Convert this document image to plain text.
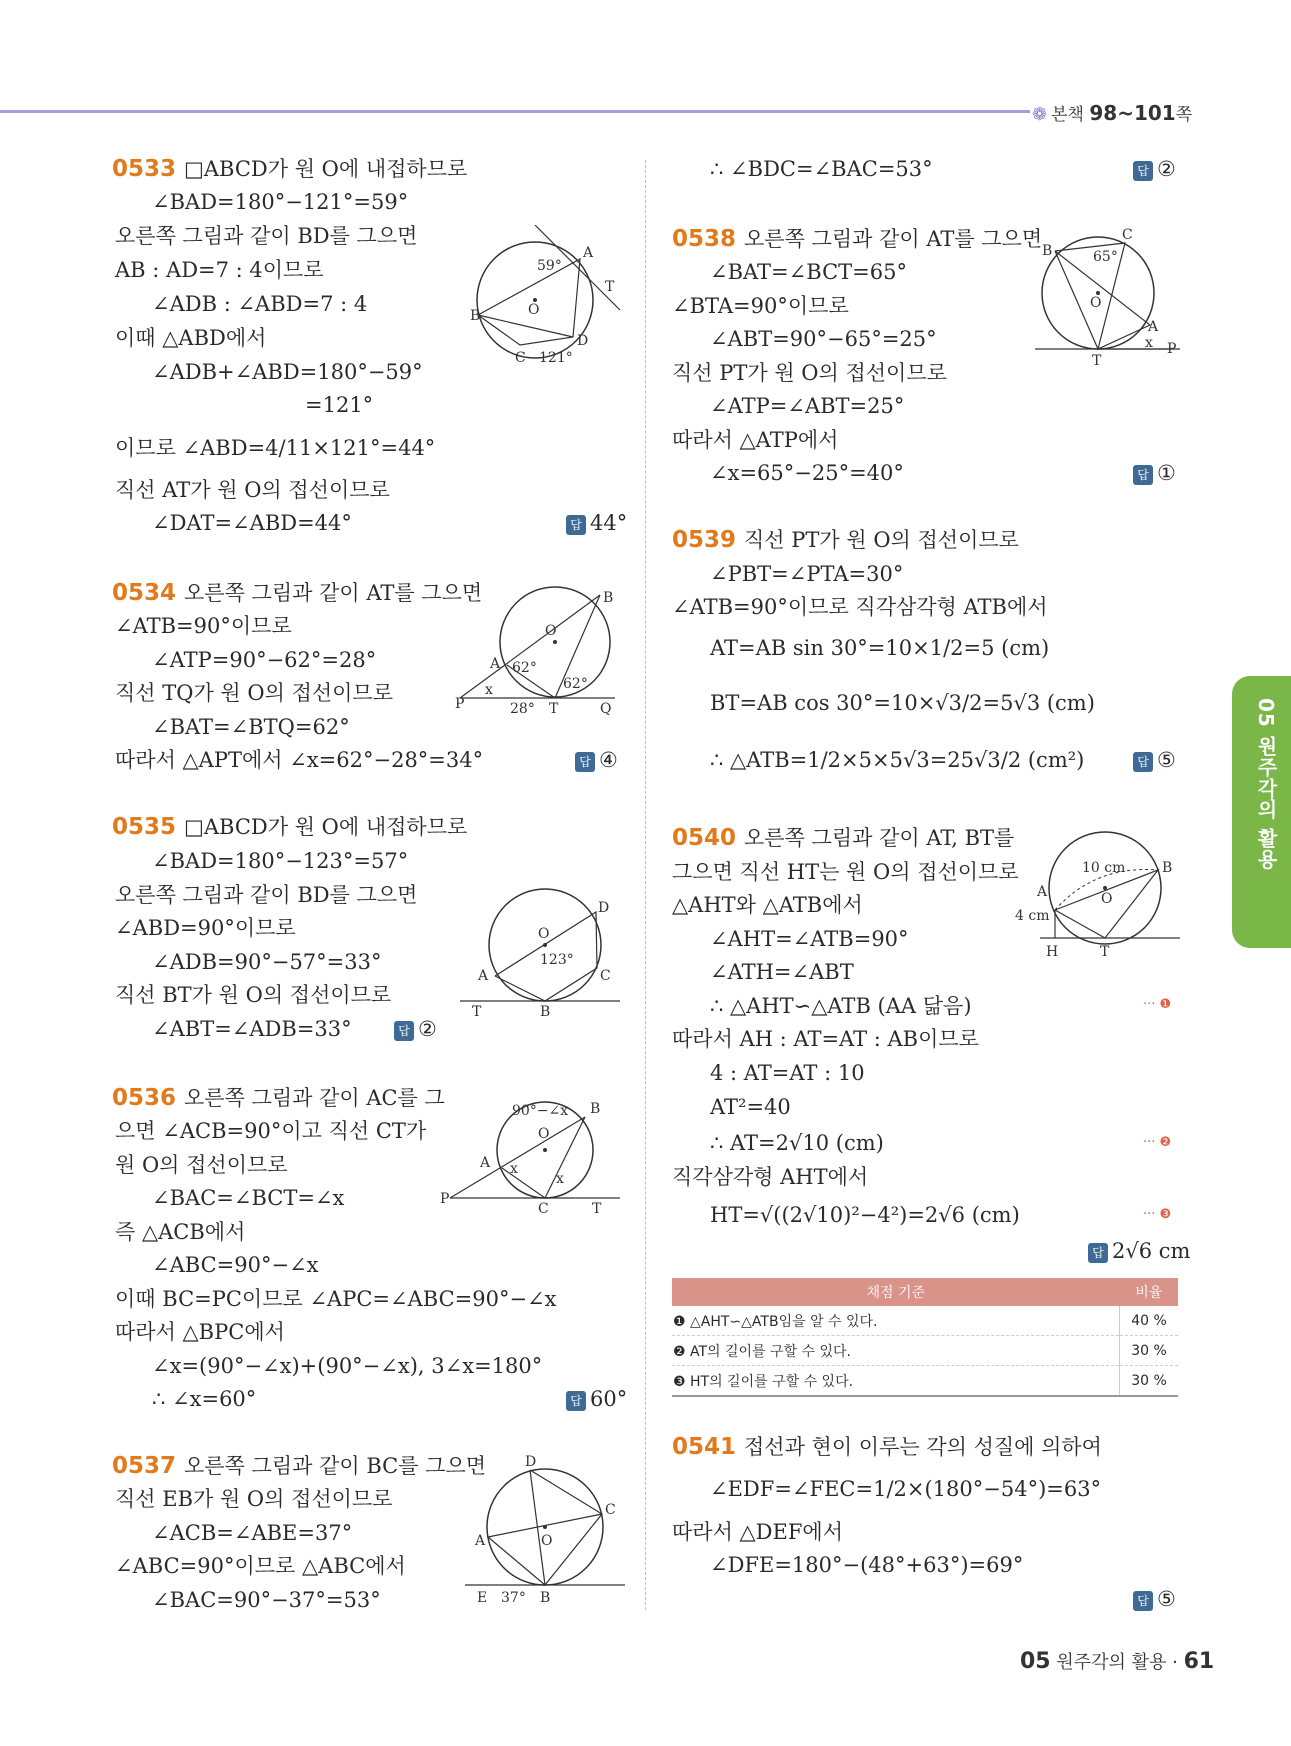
❁ 본책 98~101쪽
0533 □ABCD가 원 O에 내접하므로
∠BAD=180°−121°=59°
오른쪽 그림과 같이 BD를 그으면
AB : AD=7 : 4이므로
∠ADB : ∠ABD=7 : 4
이때 △ABD에서
∠ADB+∠ABD=180°−59°
=121°
이므로 ∠ABD=4/11×121°=44°
직선 AT가 원 O의 접선이므로
∠DAT=∠ABD=44°	답 44°
0534 오른쪽 그림과 같이 AT를 그으면
∠ATB=90°이므로
∠ATP=90°−62°=28°
직선 TQ가 원 O의 접선이므로
∠BAT=∠BTQ=62°
따라서 △APT에서 ∠x=62°−28°=34°	답 ④
0535 □ABCD가 원 O에 내접하므로
∠BAD=180°−123°=57°
오른쪽 그림과 같이 BD를 그으면
∠ABD=90°이므로
∠ADB=90°−57°=33°
직선 BT가 원 O의 접선이므로
∠ABT=∠ADB=33°	답 ②
0536 오른쪽 그림과 같이 AC를 그
으면 ∠ACB=90°이고 직선 CT가
원 O의 접선이므로
∠BAC=∠BCT=∠x
즉 △ACB에서
∠ABC=90°−∠x
이때 BC=PC이므로 ∠APC=∠ABC=90°−∠x
따라서 △BPC에서
∠x=(90°−∠x)+(90°−∠x), 3∠x=180°
∴ ∠x=60°	답 60°
0537 오른쪽 그림과 같이 BC를 그으면
직선 EB가 원 O의 접선이므로
∠ACB=∠ABE=37°
∠ABC=90°이므로 △ABC에서
∠BAC=90°−37°=53°
∴ ∠BDC=∠BAC=53°	답 ②
0538 오른쪽 그림과 같이 AT를 그으면
∠BAT=∠BCT=65°
∠BTA=90°이므로
∠ABT=90°−65°=25°
직선 PT가 원 O의 접선이므로
∠ATP=∠ABT=25°
따라서 △ATP에서
∠x=65°−25°=40°	답 ①
0539 직선 PT가 원 O의 접선이므로
∠PBT=∠PTA=30°
∠ATB=90°이므로 직각삼각형 ATB에서
AT=AB sin 30°=10×1/2=5 (cm)
BT=AB cos 30°=10×√3/2=5√3 (cm)
∴ △ATB=1/2×5×5√3=25√3/2 (cm²)	답 ⑤
0540 오른쪽 그림과 같이 AT, BT를
그으면 직선 HT는 원 O의 접선이므로
△AHT와 △ATB에서
∠AHT=∠ATB=90°
∠ATH=∠ABT
∴ △AHT∽△ATB (AA 닮음)	··· ❶
따라서 AH : AT=AT : AB이므로
4 : AT=AT : 10
AT²=40
∴ AT=2√10 (cm)	··· ❷
직각삼각형 AHT에서
HT=√((2√10)²−4²)=2√6 (cm)	··· ❸
답 2√6 cm
채점 기준	비율
❶ △AHT∽△ATB임을 알 수 있다.	40 %
❷ AT의 길이를 구할 수 있다.	30 %
❸ HT의 길이를 구할 수 있다.	30 %
0541 접선과 현이 이루는 각의 성질에 의하여
∠EDF=∠FEC=1/2×(180°−54°)=63°
따라서 △DEF에서
∠DFE=180°−(48°+63°)=69°
답 ⑤
A
59°
T
O
B
D
C 121°
B
O
A 62°
62°
P
x
28° T	Q
D
O
123°
A	C
T	B
90°−∠x B
O
A x
x
P
C	T
D
C
A	O
E 37° B
B
C
65°
O
A
x P
T
10 cm	B
A	O
4 cm
H	T
05 원주각의 활용
05 원주각의 활용 · 61
